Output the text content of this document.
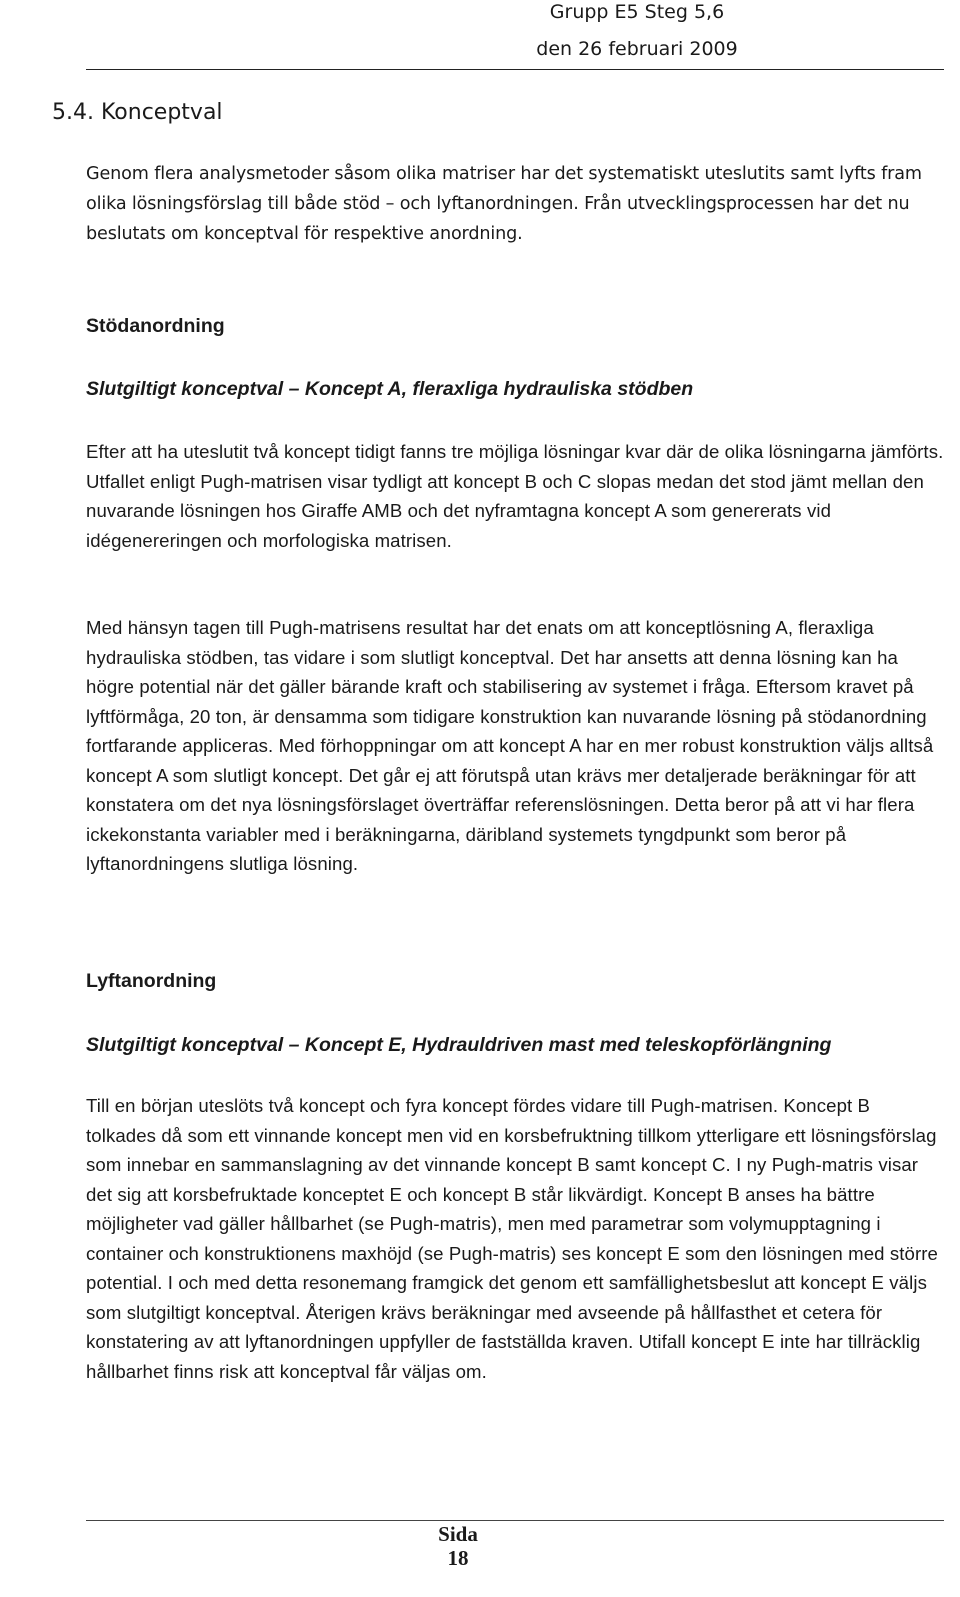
Grupp E5 Steg 5,6
den 26 februari 2009
5.4. Konceptval

Genom flera analysmetoder såsom olika matriser har det systematiskt uteslutits samt lyfts fram olika lösningsförslag till både stöd – och lyftanordningen. Från utvecklingsprocessen har det nu beslutats om konceptval för respektive anordning.

Stödanordning
Slutgiltigt konceptval – Koncept A, fleraxliga hydrauliska stödben

Efter att ha uteslutit två koncept tidigt fanns tre möjliga lösningar kvar där de olika lösningarna jämförts. Utfallet enligt Pugh-matrisen visar tydligt att koncept B och C slopas medan det stod jämt mellan den nuvarande lösningen hos Giraffe AMB och det nyframtagna koncept A som genererats vid idégenereringen och morfologiska matrisen.

Med hänsyn tagen till Pugh-matrisens resultat har det enats om att konceptlösning A, fleraxliga hydrauliska stödben, tas vidare i som slutligt konceptval. Det har ansetts att denna lösning kan ha högre potential när det gäller bärande kraft och stabilisering av systemet i fråga. Eftersom kravet på lyftförmåga, 20 ton, är densamma som tidigare konstruktion kan nuvarande lösning på stödanordning fortfarande appliceras. Med förhoppningar om att koncept A har en mer robust konstruktion väljs alltså koncept A som slutligt koncept. Det går ej att förutspå utan krävs mer detaljerade beräkningar för att konstatera om det nya lösningsförslaget överträffar referenslösningen. Detta beror på att vi har flera ickekonstanta variabler med i beräkningarna, däribland systemets tyngdpunkt som beror på lyftanordningens slutliga lösning.

Lyftanordning
Slutgiltigt konceptval – Koncept E, Hydrauldriven mast med teleskopförlängning

Till en början uteslöts två koncept och fyra koncept fördes vidare till Pugh-matrisen. Koncept B tolkades då som ett vinnande koncept men vid en korsbefruktning tillkom ytterligare ett lösningsförslag som innebar en sammanslagning av det vinnande koncept B samt koncept C. I ny Pugh-matris visar det sig att korsbefruktade konceptet E och koncept B står likvärdigt. Koncept B anses ha bättre möjligheter vad gäller hållbarhet (se Pugh-matris), men med parametrar som volymupptagning i container och konstruktionens maxhöjd (se Pugh-matris) ses koncept E som den lösningen med större potential. I och med detta resonemang framgick det genom ett samfällighetsbeslut att koncept E väljs som slutgiltigt konceptval. Återigen krävs beräkningar med avseende på hållfasthet et cetera för konstatering av att lyftanordningen uppfyller de fastställda kraven. Utifall koncept E inte har tillräcklig hållbarhet finns risk att konceptval får väljas om.

Sida
18
